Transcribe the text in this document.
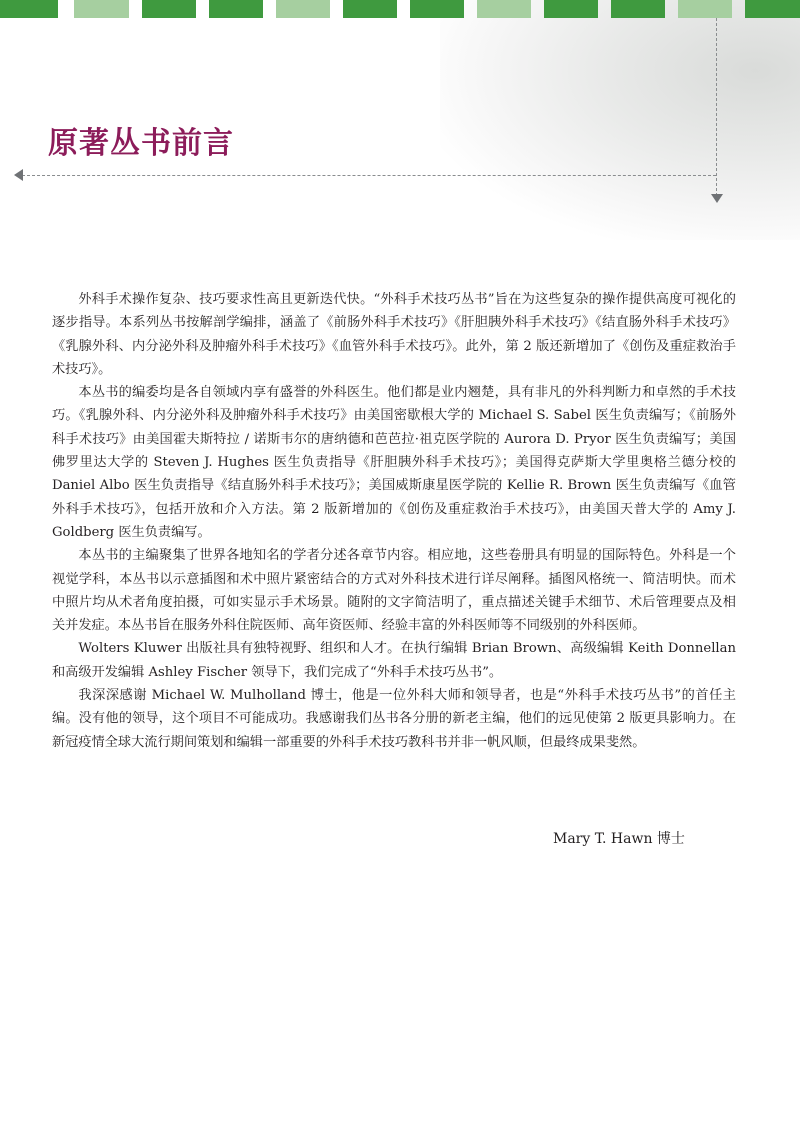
原著丛书前言

外科手术操作复杂、技巧要求性高且更新迭代快。“外科手术技巧丛书”旨在为这些复杂的操作提供高度可视化的逐步指导。本系列丛书按解剖学编排，涵盖了《前肠外科手术技巧》《肝胆胰外科手术技巧》《结直肠外科手术技巧》《乳腺外科、内分泌外科及肿瘤外科手术技巧》《血管外科手术技巧》。此外，第 2 版还新增加了《创伤及重症救治手术技巧》。

本丛书的编委均是各自领域内享有盛誉的外科医生。他们都是业内翘楚，具有非凡的外科判断力和卓然的手术技巧。《乳腺外科、内分泌外科及肿瘤外科手术技巧》由美国密歇根大学的 Michael S. Sabel 医生负责编写；《前肠外科手术技巧》由美国霍夫斯特拉 / 诺斯韦尔的唐纳德和芭芭拉·祖克医学院的 Aurora D. Pryor 医生负责编写；美国佛罗里达大学的 Steven J. Hughes 医生负责指导《肝胆胰外科手术技巧》；美国得克萨斯大学里奥格兰德分校的 Daniel Albo 医生负责指导《结直肠外科手术技巧》；美国威斯康星医学院的 Kellie R. Brown 医生负责编写《血管外科手术技巧》，包括开放和介入方法。第 2 版新增加的《创伤及重症救治手术技巧》，由美国天普大学的 Amy J. Goldberg 医生负责编写。

本丛书的主编聚集了世界各地知名的学者分述各章节内容。相应地，这些卷册具有明显的国际特色。外科是一个视觉学科，本丛书以示意插图和术中照片紧密结合的方式对外科技术进行详尽阐释。插图风格统一、简洁明快。而术中照片均从术者角度拍摄，可如实显示手术场景。随附的文字简洁明了，重点描述关键手术细节、术后管理要点及相关并发症。本丛书旨在服务外科住院医师、高年资医师、经验丰富的外科医师等不同级别的外科医师。

Wolters Kluwer 出版社具有独特视野、组织和人才。在执行编辑 Brian Brown、高级编辑 Keith Donnellan 和高级开发编辑 Ashley Fischer 领导下，我们完成了“外科手术技巧丛书”。

我深深感谢 Michael W. Mulholland 博士，他是一位外科大师和领导者，也是“外科手术技巧丛书”的首任主编。没有他的领导，这个项目不可能成功。我感谢我们丛书各分册的新老主编，他们的远见使第 2 版更具影响力。在新冠疫情全球大流行期间策划和编辑一部重要的外科手术技巧教科书并非一帆风顺，但最终成果斐然。

Mary T. Hawn 博士
